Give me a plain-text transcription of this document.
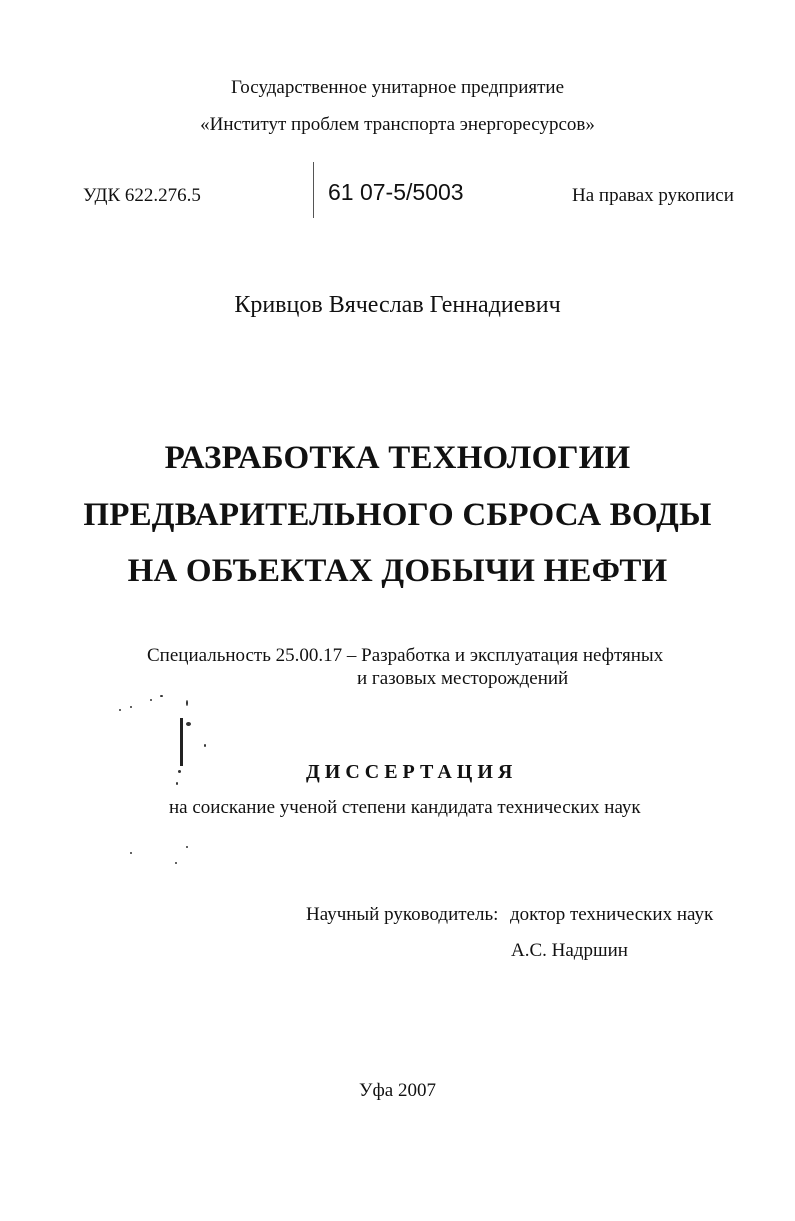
Государственное унитарное предприятие
«Институт проблем транспорта энергоресурсов»
УДК 622.276.5	61 07-5/5003	На правах рукописи
Кривцов Вячеслав Геннадиевич
РАЗРАБОТКА ТЕХНОЛОГИИ
ПРЕДВАРИТЕЛЬНОГО СБРОСА ВОДЫ
НА ОБЪЕКТАХ ДОБЫЧИ НЕФТИ
Специальность 25.00.17 – Разработка и эксплуатация нефтяных
и газовых месторождений
ДИССЕРТАЦИЯ
на соискание ученой степени кандидата технических наук
Научный руководитель: доктор технических наук
А.С. Надршин
Уфа 2007
